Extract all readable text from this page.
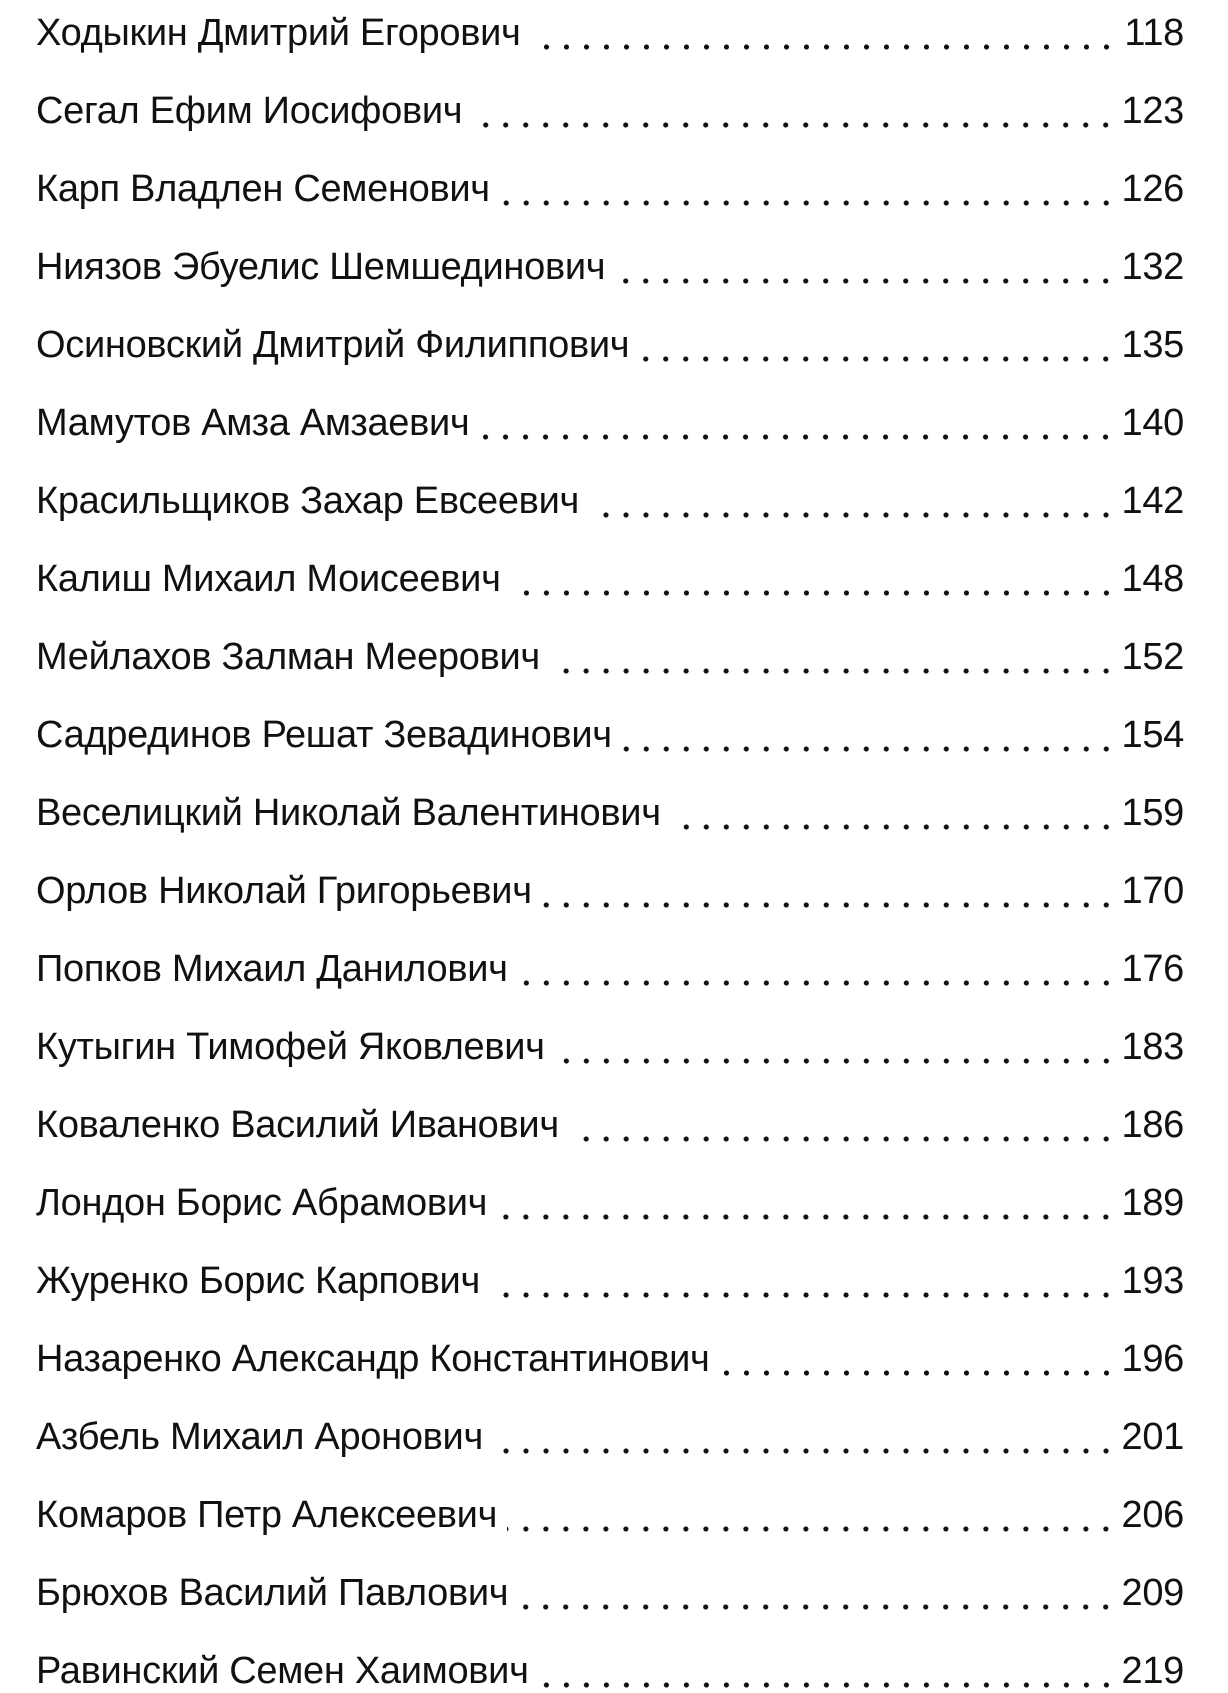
Ходыкин Дмитрий Егорович	118
Сегал Ефим Иосифович	123
Карп Владлен Семенович	126
Ниязов Эбуелис Шемшединович	132
Осиновский Дмитрий Филиппович	135
Мамутов Амза Амзаевич	140
Красильщиков Захар Евсеевич	142
Калиш Михаил Моисеевич	148
Мейлахов Залман Меерович	152
Садрединов Решат Зевадинович	154
Веселицкий Николай Валентинович	159
Орлов Николай Григорьевич	170
Попков Михаил Данилович	176
Кутыгин Тимофей Яковлевич	183
Коваленко Василий Иванович	186
Лондон Борис Абрамович	189
Журенко Борис Карпович	193
Назаренко Александр Константинович	196
Азбель Михаил Аронович	201
Комаров Петр Алексеевич	206
Брюхов Василий Павлович	209
Равинский Семен Хаимович	219
